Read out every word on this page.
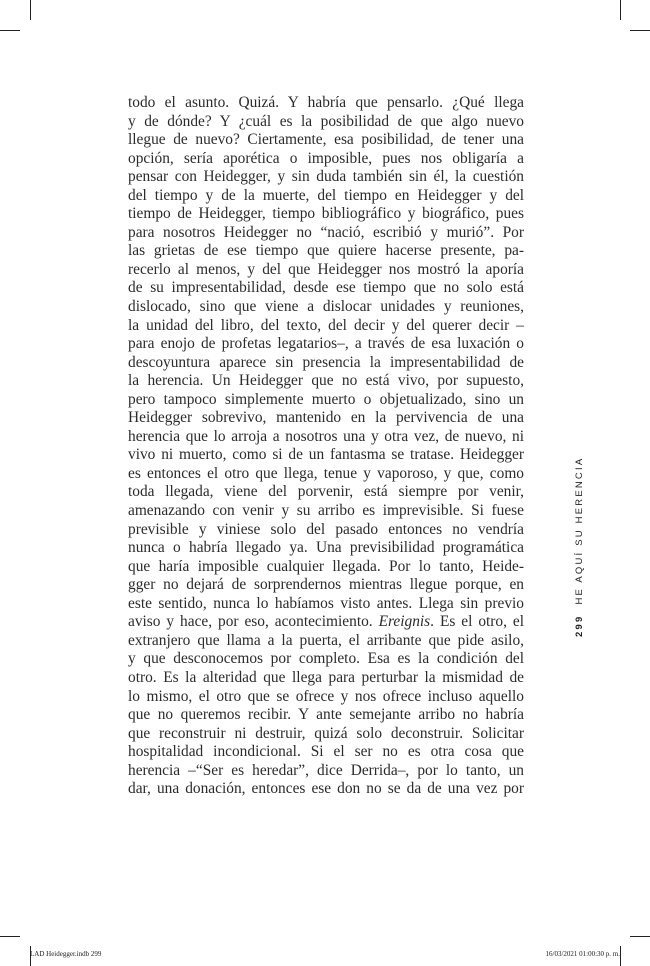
todo el asunto. Quizá. Y habría que pensarlo. ¿Qué llega
y de dónde? Y ¿cuál es la posibilidad de que algo nuevo
llegue de nuevo? Ciertamente, esa posibilidad, de tener una
opción, sería aporética o imposible, pues nos obligaría a
pensar con Heidegger, y sin duda también sin él, la cuestión
del tiempo y de la muerte, del tiempo en Heidegger y del
tiempo de Heidegger, tiempo bibliográfico y biográfico, pues
para nosotros Heidegger no “nació, escribió y murió”. Por
las grietas de ese tiempo que quiere hacerse presente, pa-
recerlo al menos, y del que Heidegger nos mostró la aporía
de su impresentabilidad, desde ese tiempo que no solo está
dislocado, sino que viene a dislocar unidades y reuniones,
la unidad del libro, del texto, del decir y del querer decir –
para enojo de profetas legatarios–, a través de esa luxación o
descoyuntura aparece sin presencia la impresentabilidad de
la herencia. Un Heidegger que no está vivo, por supuesto,
pero tampoco simplemente muerto o objetualizado, sino un
Heidegger sobrevivo, mantenido en la pervivencia de una
herencia que lo arroja a nosotros una y otra vez, de nuevo, ni
vivo ni muerto, como si de un fantasma se tratase. Heidegger
es entonces el otro que llega, tenue y vaporoso, y que, como
toda llegada, viene del porvenir, está siempre por venir,
amenazando con venir y su arribo es imprevisible. Si fuese
previsible y viniese solo del pasado entonces no vendría
nunca o habría llegado ya. Una previsibilidad programática
que haría imposible cualquier llegada. Por lo tanto, Heide-
gger no dejará de sorprendernos mientras llegue porque, en
este sentido, nunca lo habíamos visto antes. Llega sin previo
aviso y hace, por eso, acontecimiento. Ereignis. Es el otro, el
extranjero que llama a la puerta, el arribante que pide asilo,
y que desconocemos por completo. Esa es la condición del
otro. Es la alteridad que llega para perturbar la mismidad de
lo mismo, el otro que se ofrece y nos ofrece incluso aquello
que no queremos recibir. Y ante semejante arribo no habría
que reconstruir ni destruir, quizá solo deconstruir. Solicitar
hospitalidad incondicional. Si el ser no es otra cosa que
herencia –“Ser es heredar”, dice Derrida–, por lo tanto, un
dar, una donación, entonces ese don no se da de una vez por
299HE AQUÍ SU HERENCIA
LAD Heidegger.indb 299	16/03/2021 01:00:30 p. m.
